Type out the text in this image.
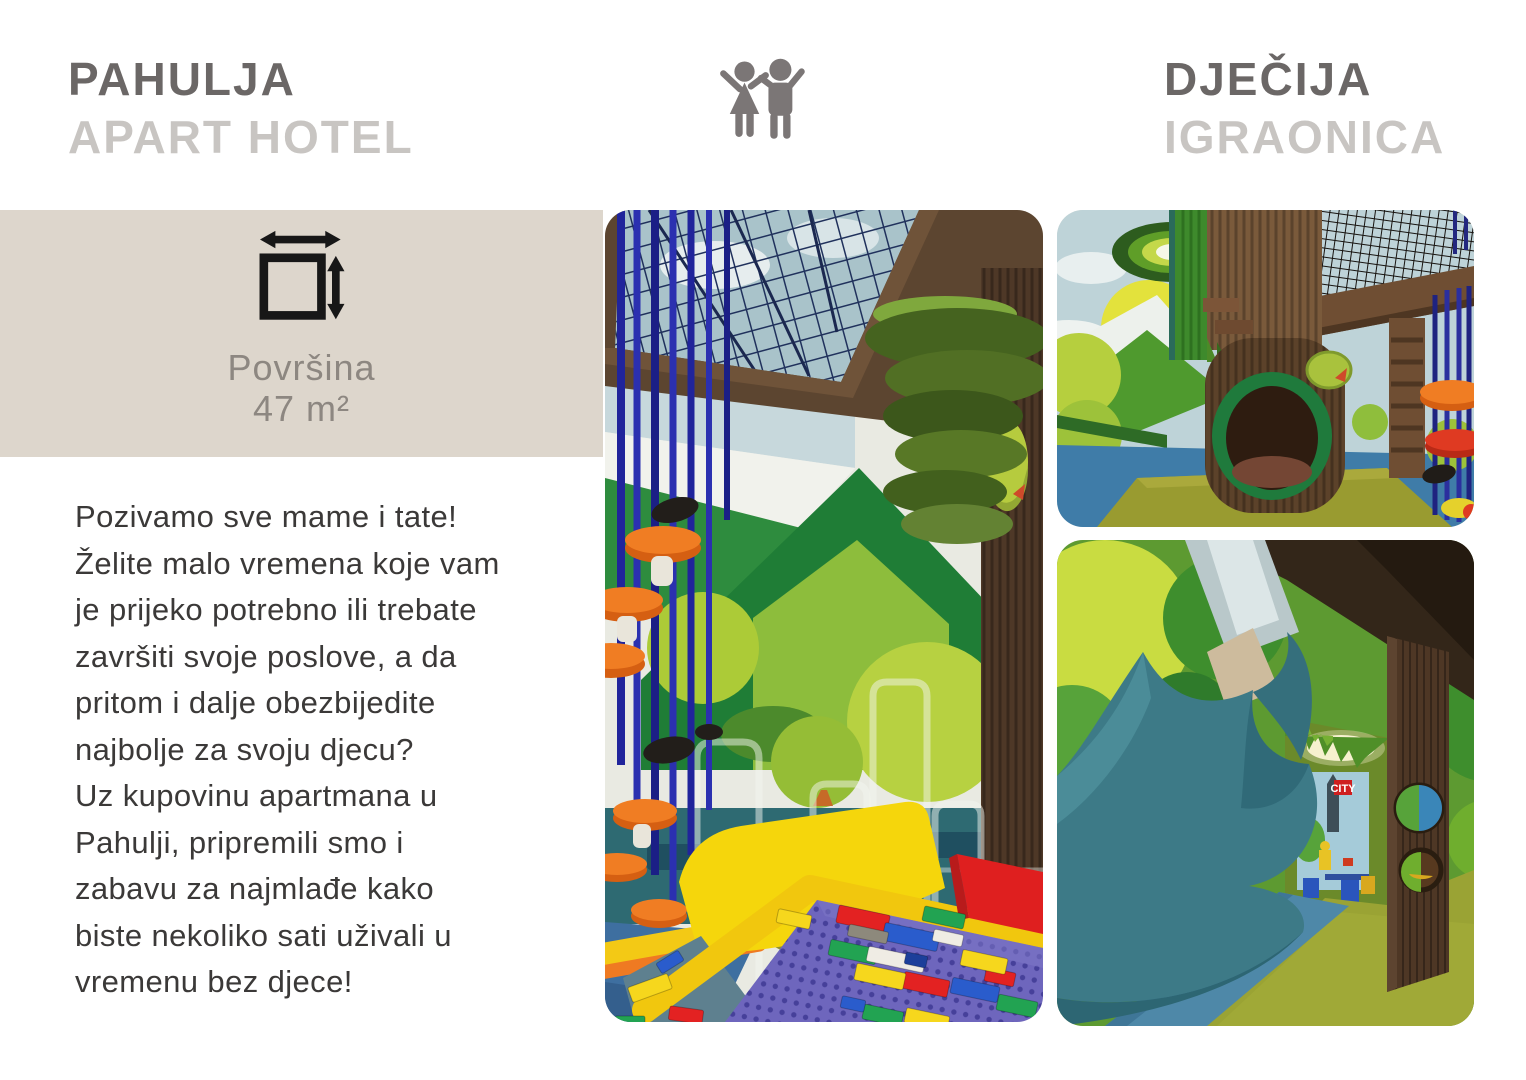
PAHULJA
APART HOTEL
DJEČIJA
IGRAONICA
Površina
47 m²
Pozivamo sve mame i tate!
Želite malo vremena koje vam
je prijeko potrebno ili trebate
završiti svoje poslove, a da
pritom i dalje obezbijedite
najbolje za svoju djecu?
Uz kupovinu apartmana u
Pahulji, pripremili smo i
zabavu za najmlađe kako
biste nekoliko sati uživali u
vremenu bez djece!
CITY
